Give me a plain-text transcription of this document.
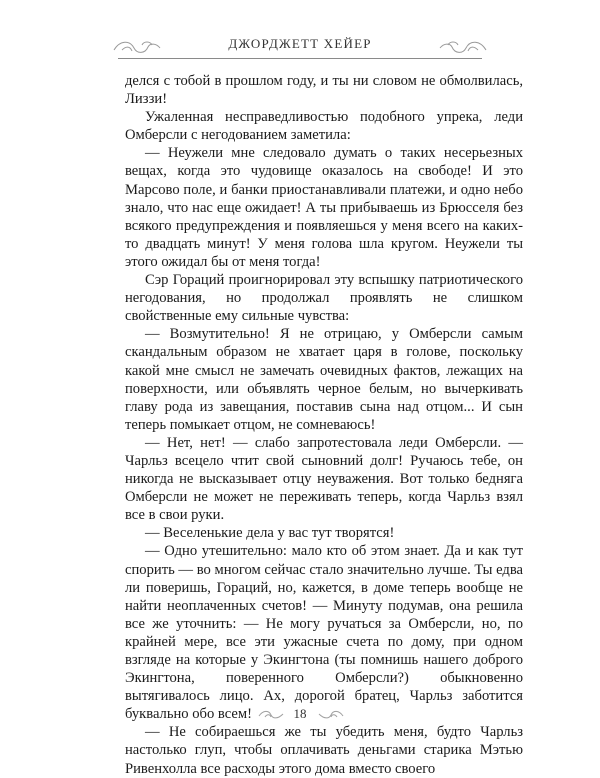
ДЖОРДЖЕТТ ХЕЙЕР

делся с тобой в прошлом году, и ты ни словом не обмолвилась, Лиззи!

Ужаленная несправедливостью подобного упрека, леди Омберсли с негодованием заметила:

— Неужели мне следовало думать о таких несерьезных вещах, когда это чудовище оказалось на свободе! И это Марсово поле, и банки приостанавливали платежи, и одно небо знало, что нас еще ожидает! А ты прибываешь из Брюсселя без всякого предупреждения и появляешься у меня всего на каких-то двадцать минут! У меня голова шла кругом. Неужели ты этого ожидал бы от меня тогда!

Сэр Гораций проигнорировал эту вспышку патриотического негодования, но продолжал проявлять не слишком свойственные ему сильные чувства:

— Возмутительно! Я не отрицаю, у Омберсли самым скандальным образом не хватает царя в голове, поскольку какой мне смысл не замечать очевидных фактов, лежащих на поверхности, или объявлять черное белым, но вычеркивать главу рода из завещания, поставив сына над отцом... И сын теперь помыкает отцом, не сомневаюсь!

— Нет, нет! — слабо запротестовала леди Омберсли. — Чарльз всецело чтит свой сыновний долг! Ручаюсь тебе, он никогда не высказывает отцу неуважения. Вот только бедняга Омберсли не может не переживать теперь, когда Чарльз взял все в свои руки.

— Веселенькие дела у вас тут творятся!

— Одно утешительно: мало кто об этом знает. Да и как тут спорить — во многом сейчас стало значительно лучше. Ты едва ли поверишь, Гораций, но, кажется, в доме теперь вообще не найти неоплаченных счетов! — Минуту подумав, она решила все же уточнить: — Не могу ручаться за Омберсли, но, по крайней мере, все эти ужасные счета по дому, при одном взгляде на которые у Экингтона (ты помнишь нашего доброго Экингтона, поверенного Омберсли?) обыкновенно вытягивалось лицо. Ах, дорогой братец, Чарльз заботится буквально обо всем!

— Не собираешься же ты убедить меня, будто Чарльз настолько глуп, чтобы оплачивать деньгами старика Мэтью Ривенхолла все расходы этого дома вместо своего

18
